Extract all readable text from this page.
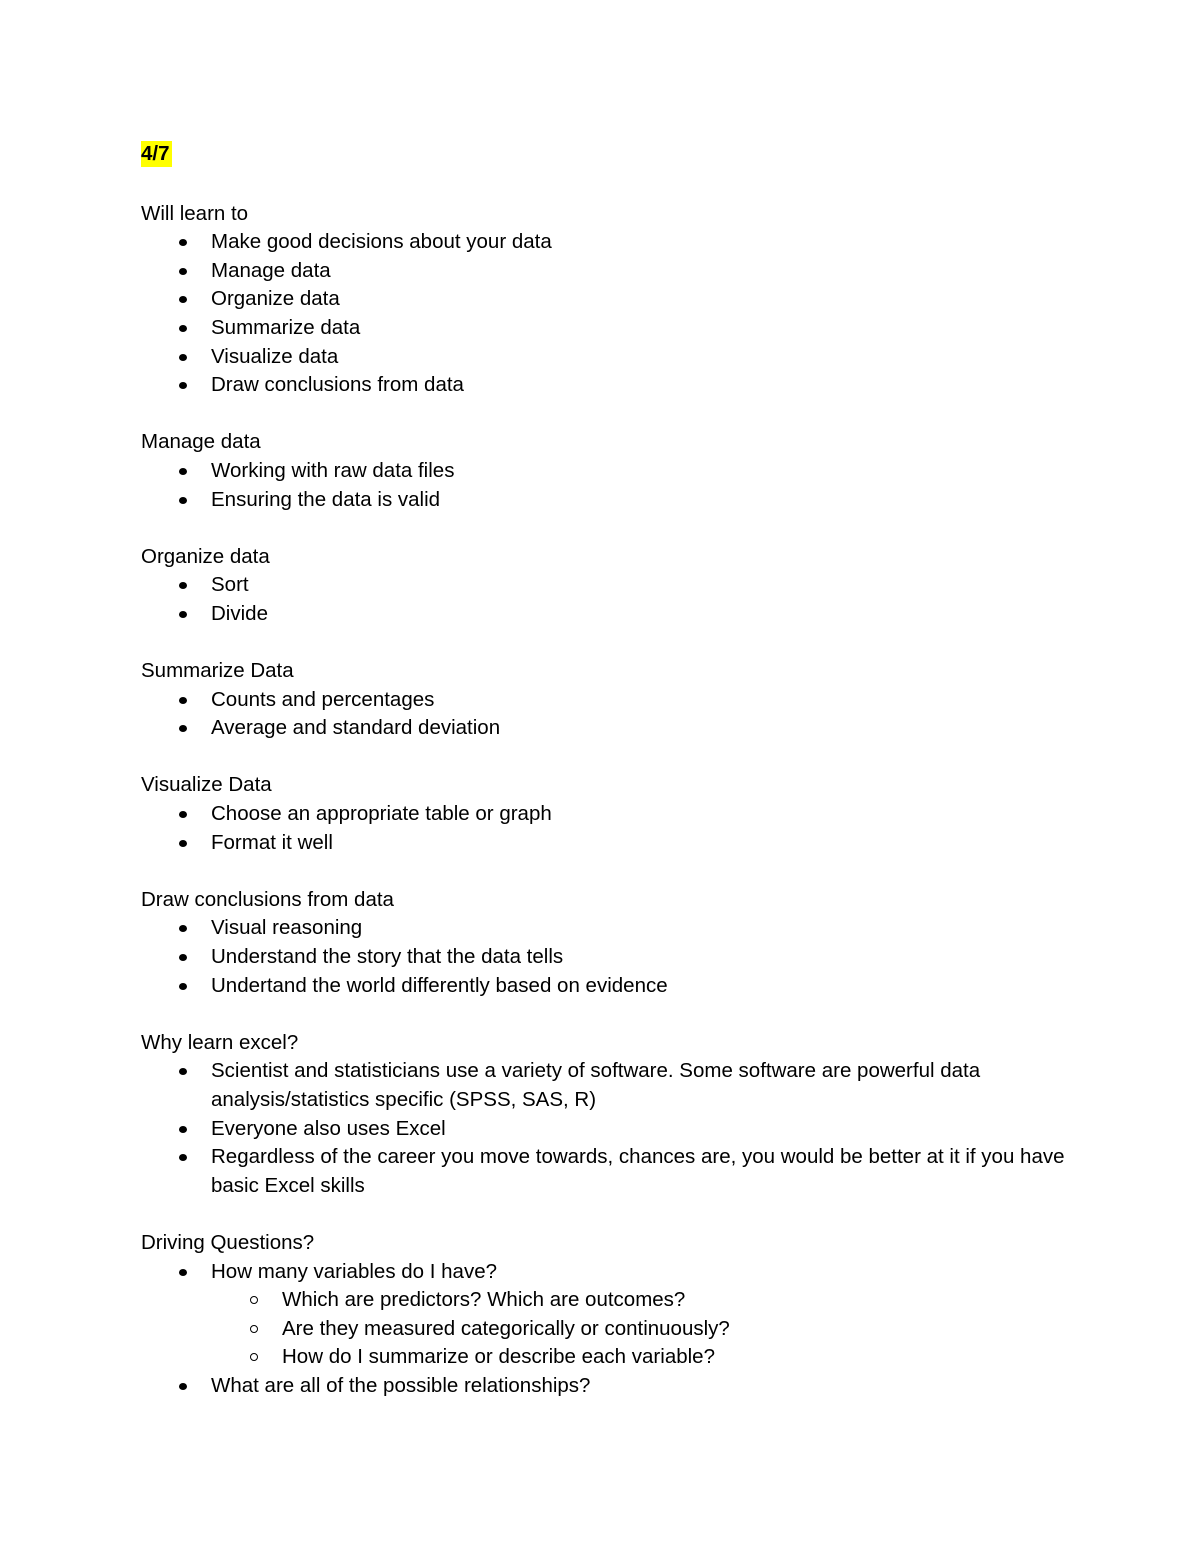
4/7
Will learn to
Make good decisions about your data
Manage data
Organize data
Summarize data
Visualize data
Draw conclusions from data
Manage data
Working with raw data files
Ensuring the data is valid
Organize data
Sort
Divide
Summarize Data
Counts and percentages
Average and standard deviation
Visualize Data
Choose an appropriate table or graph
Format it well
Draw conclusions from data
Visual reasoning
Understand the story that the data tells
Undertand the world differently based on evidence
Why learn excel?
Scientist and statisticians use a variety of software. Some software are powerful data analysis/statistics specific (SPSS, SAS, R)
Everyone also uses Excel
Regardless of the career you move towards, chances are, you would be better at it if you have basic Excel skills
Driving Questions?
How many variables do I have?
Which are predictors? Which are outcomes?
Are they measured categorically or continuously?
How do I summarize or describe each variable?
What are all of the possible relationships?
